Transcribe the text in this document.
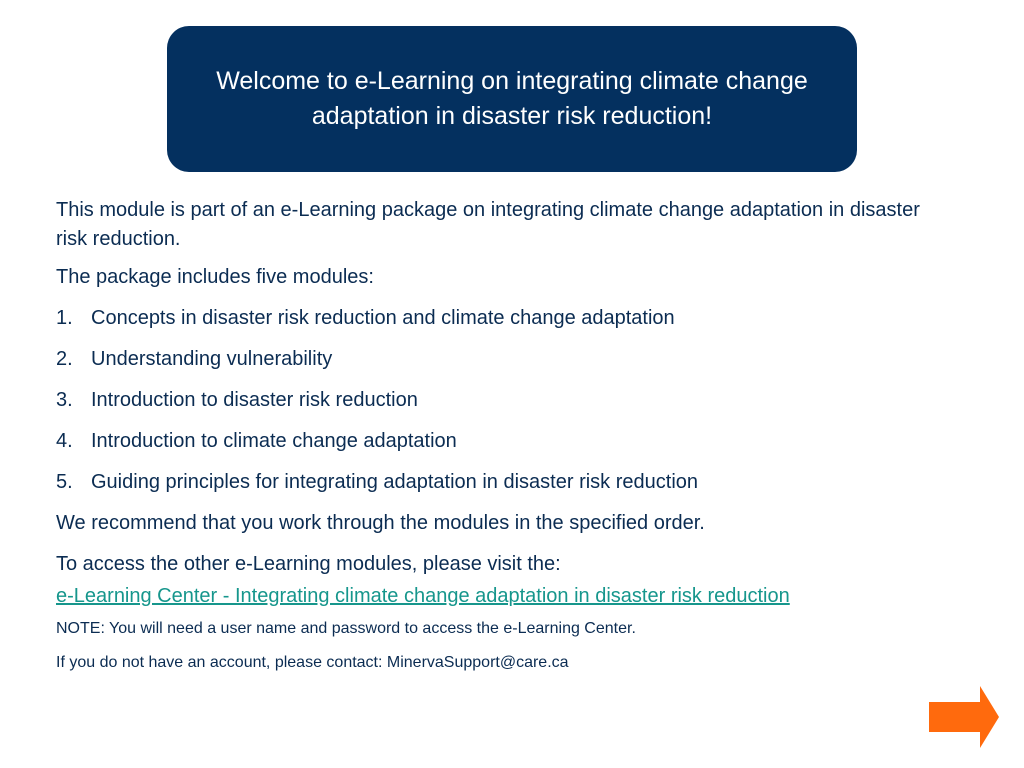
Welcome to e-Learning on integrating climate change adaptation in disaster risk reduction!

This module is part of an e-Learning package on integrating climate change adaptation in disaster risk reduction.

The package includes five modules:

1. Concepts in disaster risk reduction and climate change adaptation
2. Understanding vulnerability
3. Introduction to disaster risk reduction
4. Introduction to climate change adaptation
5. Guiding principles for integrating adaptation in disaster risk reduction

We recommend that you work through the modules in the specified order.

To access the other e-Learning modules, please visit the:

e-Learning Center - Integrating climate change adaptation in disaster risk reduction

NOTE: You will need a user name and password to access the e-Learning Center.

If you do not have an account, please contact: MinervaSupport@care.ca
